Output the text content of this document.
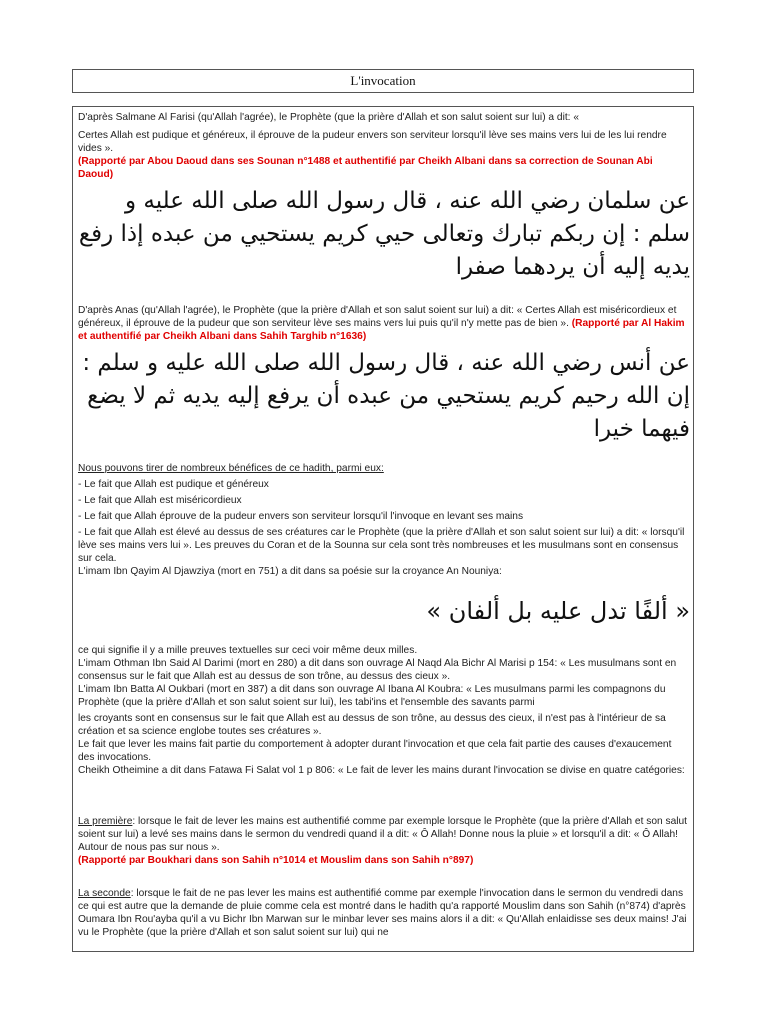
L'invocation

D'après Salmane Al Farisi (qu'Allah l'agrée), le Prophète (que la prière d'Allah et son salut soient sur lui) a dit: «
Certes Allah est pudique et généreux, il éprouve de la pudeur envers son serviteur lorsqu'il lève ses mains vers lui de les lui rendre vides ».
(Rapporté par Abou Daoud dans ses Sounan n°1488 et authentifié par Cheikh Albani dans sa correction de Sounan Abi Daoud)

عن سلمان رضي الله عنه ، قال رسول الله صلى الله عليه و سلم : إن ربكم تبارك وتعالى حيي كريم يستحيي من عبده إذا رفع يديه إليه أن يردهما صفرا

D'après Anas (qu'Allah l'agrée), le Prophète (que la prière d'Allah et son salut soient sur lui) a dit: « Certes Allah est miséricordieux et généreux, il éprouve de la pudeur que son serviteur lève ses mains vers lui puis qu'il n'y mette pas de bien ». (Rapporté par Al Hakim et authentifié par Cheikh Albani dans Sahih Targhib n°1636)

عن أنس رضي الله عنه ، قال رسول الله صلى الله عليه و سلم : إن الله رحيم كريم يستحيي من عبده أن يرفع إليه يديه ثم لا يضع فيهما خيرا

Nous pouvons tirer de nombreux bénéfices de ce hadith, parmi eux:
- Le fait que Allah est pudique et généreux
- Le fait que Allah est miséricordieux
- Le fait que Allah éprouve de la pudeur envers son serviteur lorsqu'il l'invoque en levant ses mains
- Le fait que Allah est élevé au dessus de ses créatures car le Prophète (que la prière d'Allah et son salut soient sur lui) a dit: « lorsqu'il lève ses mains vers lui ». Les preuves du Coran et de la Sounna sur cela sont très nombreuses et les musulmans sont en consensus sur cela.
L'imam Ibn Qayim Al Djawziya (mort en 751) a dit dans sa poésie sur la croyance An Nouniya:

« ألفًا تدل عليه بل ألفان »

ce qui signifie il y a mille preuves textuelles sur ceci voir même deux milles.
L'imam Othman Ibn Said Al Darimi (mort en 280) a dit dans son ouvrage Al Naqd Ala Bichr Al Marisi p 154: « Les musulmans sont en consensus sur le fait que Allah est au dessus de son trône, au dessus des cieux ».
L'imam Ibn Batta Al Oukbari (mort en 387) a dit dans son ouvrage Al Ibana Al Koubra: « Les musulmans parmi les compagnons du Prophète (que la prière d'Allah et son salut soient sur lui), les tabi'ins et l'ensemble des savants parmi
les croyants sont en consensus sur le fait que Allah est au dessus de son trône, au dessus des cieux, il n'est pas à l'intérieur de sa création et sa science englobe toutes ses créatures ».
Le fait que lever les mains fait partie du comportement à adopter durant l'invocation et que cela fait partie des causes d'exaucement des invocations.
Cheikh Otheimine a dit dans Fatawa Fi Salat vol 1 p 806: « Le fait de lever les mains durant l'invocation se divise en quatre catégories:

La première: lorsque le fait de lever les mains est authentifié comme par exemple lorsque le Prophète (que la prière d'Allah et son salut soient sur lui) a levé ses mains dans le sermon du vendredi quand il a dit: « Ô Allah! Donne nous la pluie » et lorsqu'il a dit: « Ô Allah! Autour de nous pas sur nous ».
(Rapporté par Boukhari dans son Sahih n°1014 et Mouslim dans son Sahih n°897)

La seconde: lorsque le fait de ne pas lever les mains est authentifié comme par exemple l'invocation dans le sermon du vendredi dans ce qui est autre que la demande de pluie comme cela est montré dans le hadith qu'a rapporté Mouslim dans son Sahih (n°874) d'après Oumara Ibn Rou'ayba qu'il a vu Bichr Ibn Marwan sur le minbar lever ses mains alors il a dit: « Qu'Allah enlaidisse ses deux mains! J'ai vu le Prophète (que la prière d'Allah et son salut soient sur lui) qui ne
